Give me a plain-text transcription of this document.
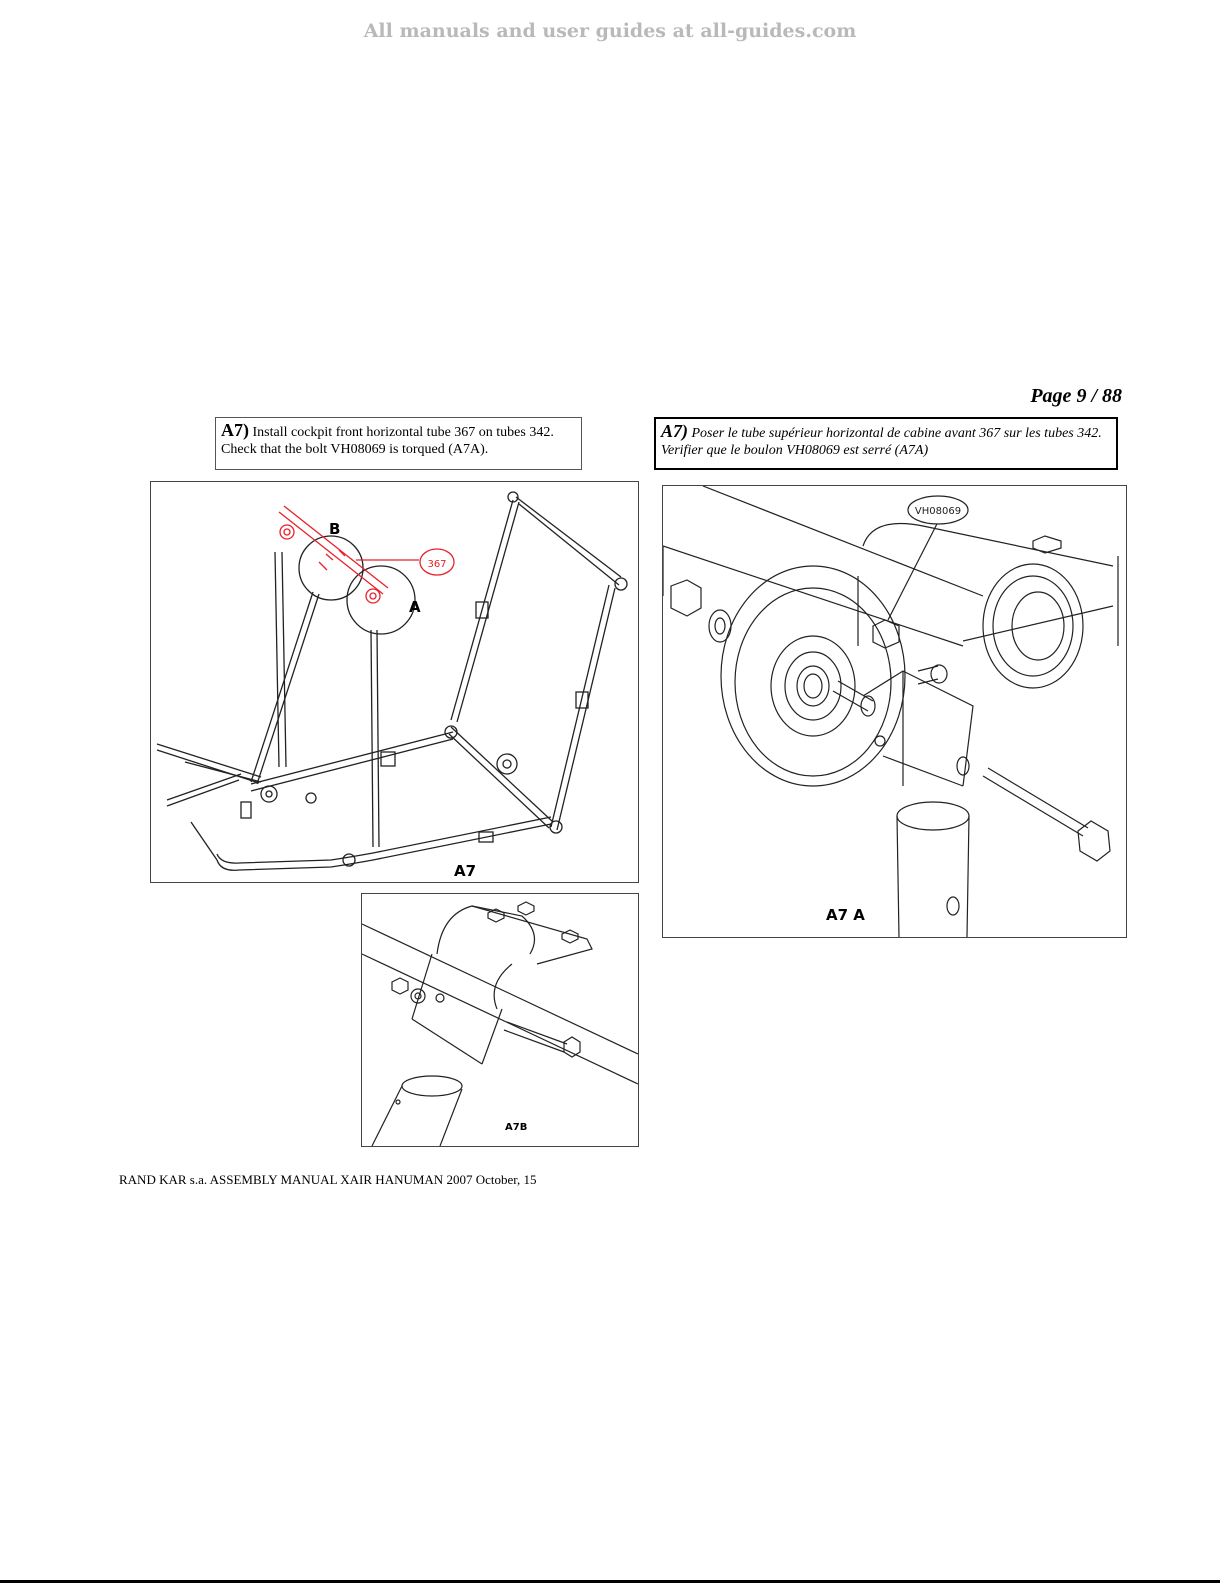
All manuals and user guides at all-guides.com
Page 9 / 88
A7) Install cockpit front horizontal tube 367 on tubes 342.
Check that the bolt VH08069 is torqued (A7A).
A7) Poser le tube supérieur horizontal de cabine avant 367 sur les tubes 342.
Verifier que le boulon VH08069 est serré (A7A)
367
B
A
A7
VH08069
A7 A
A7B
RAND KAR s.a. ASSEMBLY MANUAL XAIR HANUMAN 2007 October, 15
